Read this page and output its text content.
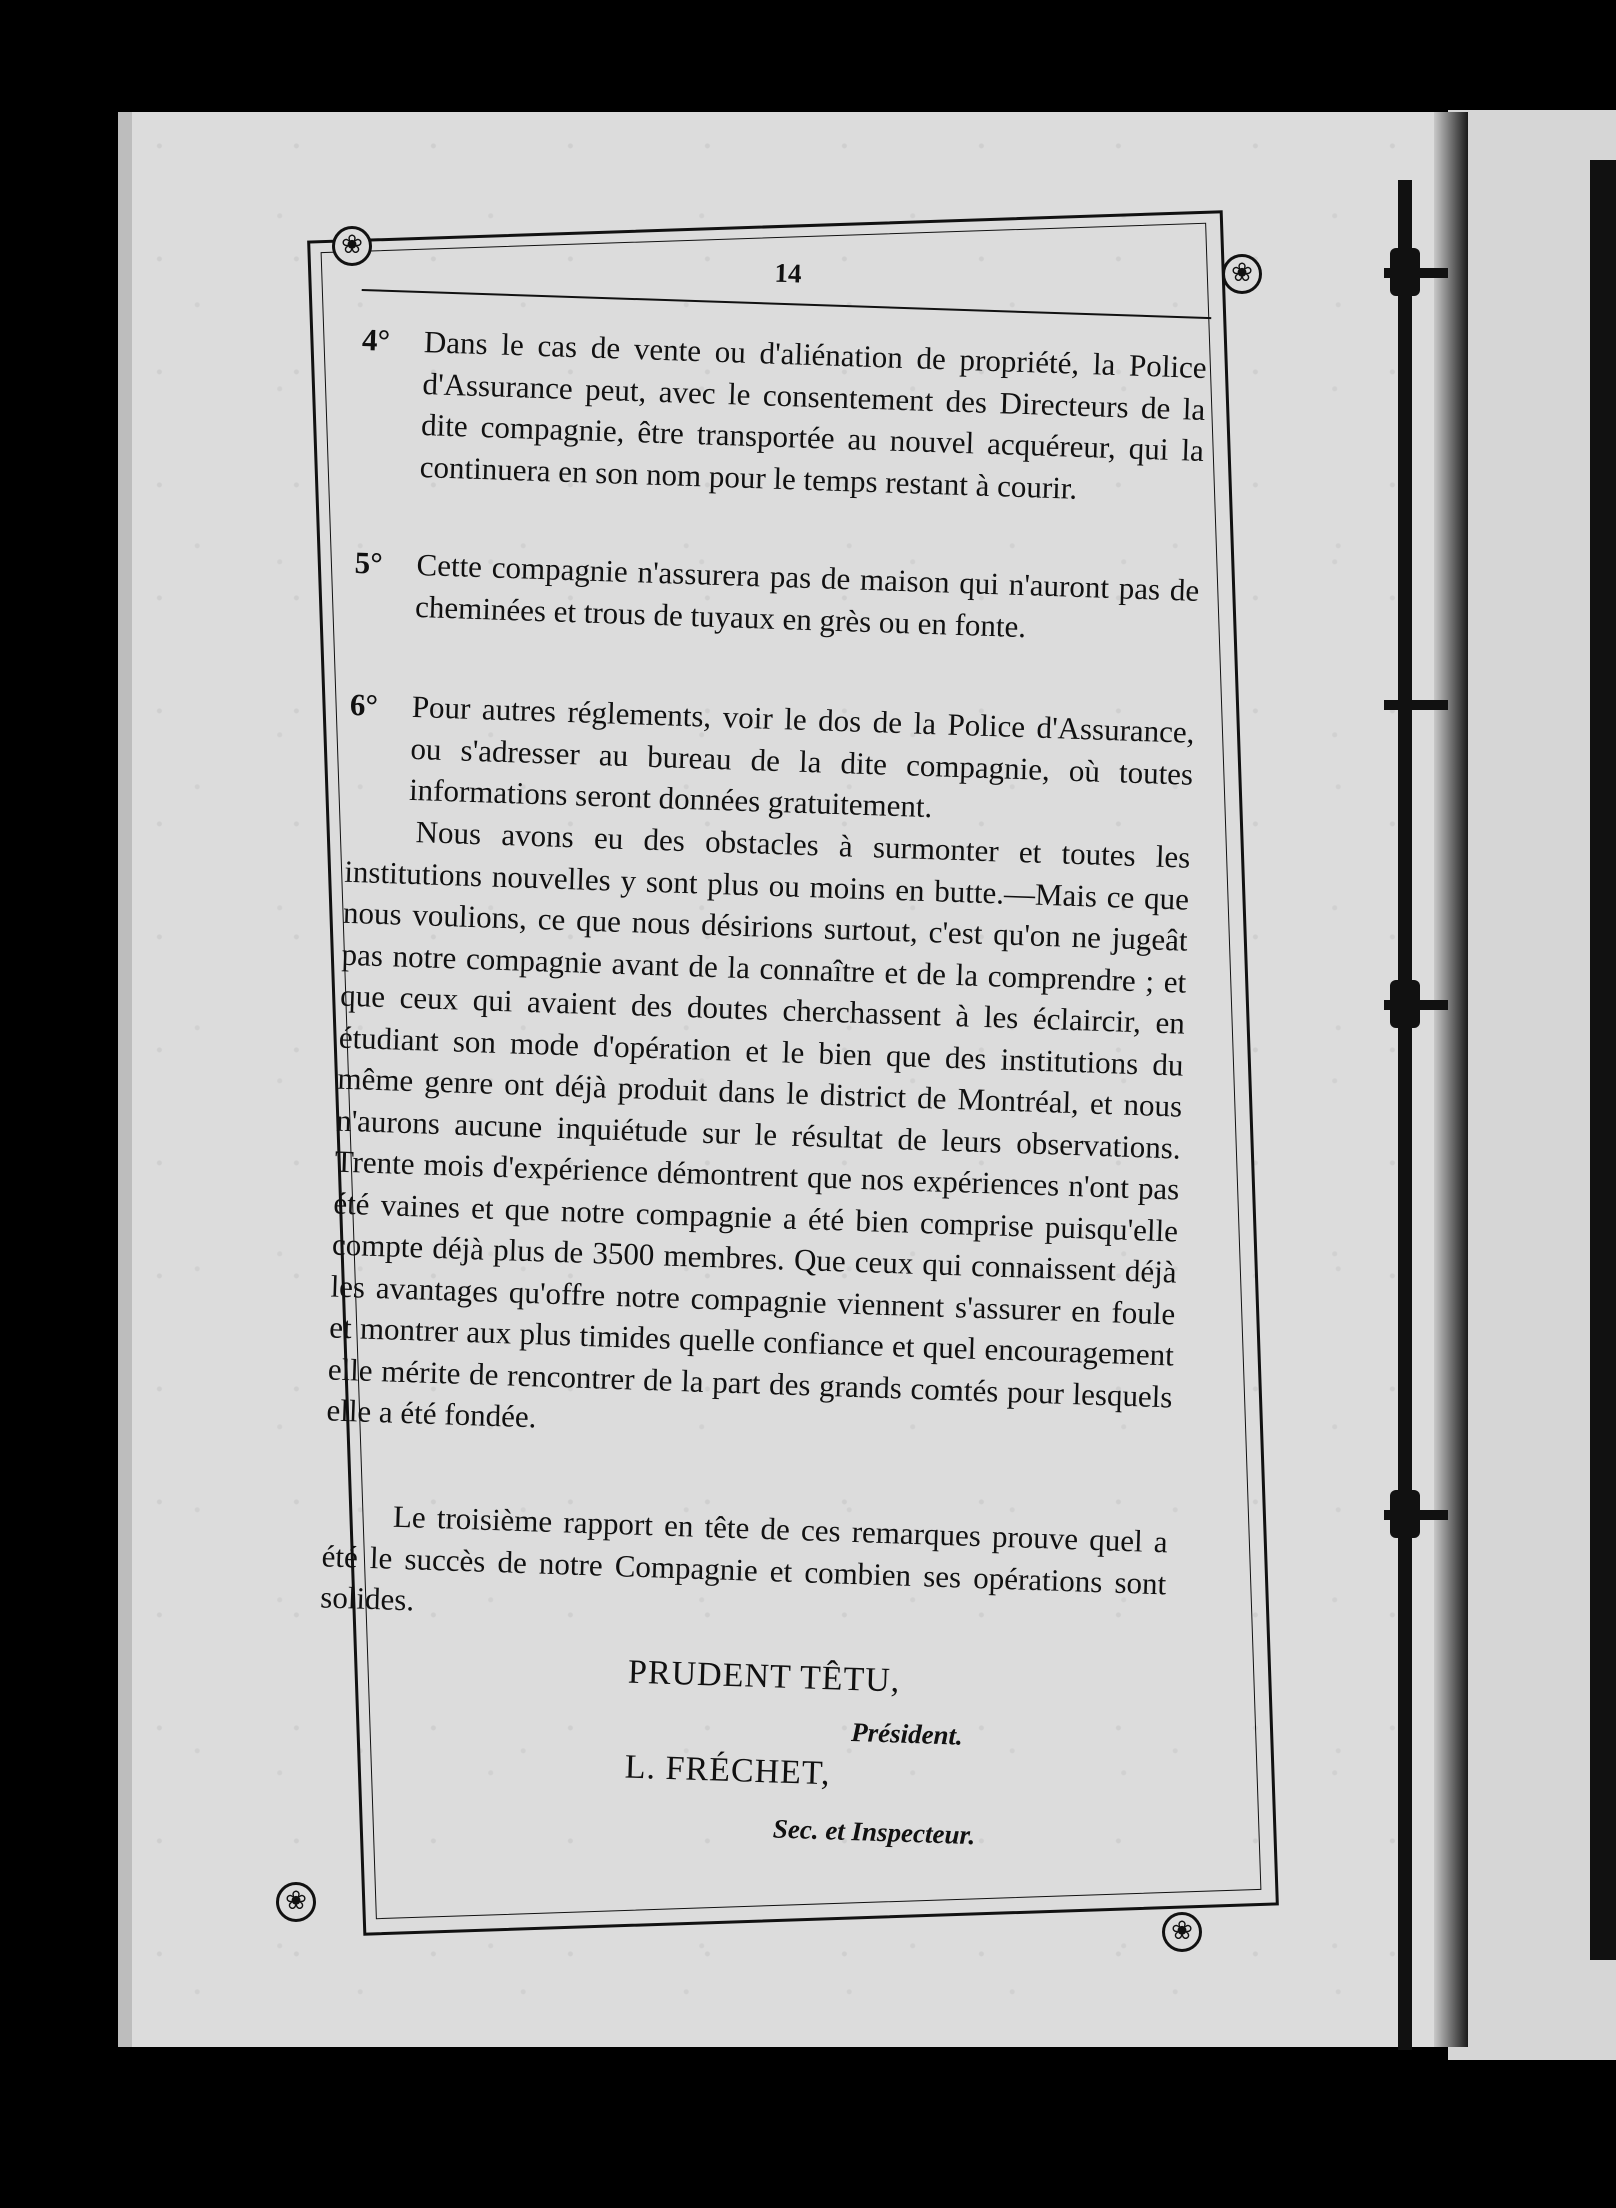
❀
❀
❀
❀
14
4° Dans le cas de vente ou d'aliénation de propriété, la Police d'Assurance peut, avec le consentement des Directeurs de la dite compagnie, être transportée au nouvel acquéreur, qui la continuera en son nom pour le temps restant à courir.
5° Cette compagnie n'assurera pas de maison qui n'auront pas de cheminées et trous de tuyaux en grès ou en fonte.
6° Pour autres réglements, voir le dos de la Police d'Assurance, ou s'adresser au bureau de la dite compagnie, où toutes informations seront données gratuitement.
Nous avons eu des obstacles à surmonter et toutes les institutions nouvelles y sont plus ou moins en butte.—Mais ce que nous voulions, ce que nous désirions surtout, c'est qu'on ne jugeât pas notre compagnie avant de la connaître et de la comprendre ; et que ceux qui avaient des doutes cherchassent à les éclaircir, en étudiant son mode d'opération et le bien que des institutions du même genre ont déjà produit dans le district de Montréal, et nous n'aurons aucune inquiétude sur le résultat de leurs observations. Trente mois d'expérience démontrent que nos expériences n'ont pas été vaines et que notre compagnie a été bien comprise puisqu'elle compte déjà plus de 3500 membres. Que ceux qui connaissent déjà les avantages qu'offre notre compagnie viennent s'assurer en foule et montrer aux plus timides quelle confiance et quel encouragement elle mérite de rencontrer de la part des grands comtés pour lesquels elle a été fondée.
Le troisième rapport en tête de ces remarques prouve quel a été le succès de notre Compagnie et combien ses opérations sont solides.
PRUDENT TÊTU,
Président.
L. FRÉCHET,
Sec. et Inspecteur.
